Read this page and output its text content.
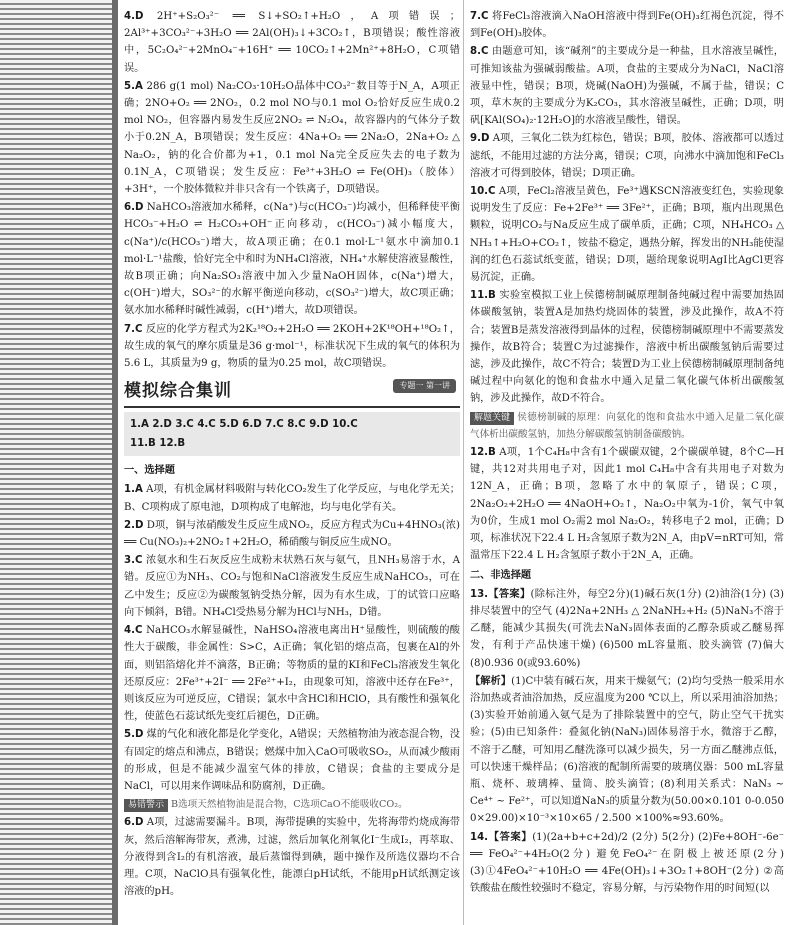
4.D 2H⁺+S₂O₃²⁻ ══ S↓+SO₂↑+H₂O，A项错误；2Al³⁺+3CO₃²⁻+3H₂O ══ 2Al(OH)₃↓+3CO₂↑，B项错误；酸性溶液中，5C₂O₄²⁻+2MnO₄⁻+16H⁺ ══ 10CO₂↑+2Mn²⁺+8H₂O，C项错误。

5.A 286 g(1 mol) Na₂CO₃·10H₂O晶体中CO₃²⁻数目等于N_A，A项正确；2NO+O₂ ══ 2NO₂，0.2 mol NO与0.1 mol O₂恰好反应生成0.2 mol NO₂，但容器内易发生反应2NO₂ ⇌ N₂O₄，故容器内的气体分子数小于0.2N_A，B项错误；发生反应：4Na+O₂ ══ 2Na₂O，2Na+O₂ △ Na₂O₂，钠的化合价都为+1，0.1 mol Na完全反应失去的电子数为0.1N_A，C项错误；发生反应：Fe³⁺+3H₂O ⇌ Fe(OH)₃（胶体）+3H⁺，一个胶体微粒并非只含有一个铁离子，D项错误。

6.D NaHCO₃溶液加水稀释，c(Na⁺)与c(HCO₃⁻)均减小，但稀释使平衡HCO₃⁻+H₂O ⇌ H₂CO₃+OH⁻正向移动，c(HCO₃⁻)减小幅度大，c(Na⁺)/c(HCO₃⁻)增大，故A项正确；在0.1 mol·L⁻¹氨水中滴加0.1 mol·L⁻¹盐酸，恰好完全中和时为NH₄Cl溶液，NH₄⁺水解使溶液显酸性，故B项正确；向Na₂SO₃溶液中加入少量NaOH固体，c(Na⁺)增大，c(OH⁻)增大，SO₃²⁻的水解平衡逆向移动，c(SO₃²⁻)增大，故C项正确；氨水加水稀释时碱性减弱，c(H⁺)增大，故D项错误。

7.C 反应的化学方程式为2K₂¹⁸O₂+2H₂O ══ 2KOH+2K¹⁸OH+¹⁸O₂↑，故生成的氧气的摩尔质量是36 g·mol⁻¹，标准状况下生成的氧气的体积为5.6 L，其质量为9 g，物质的量为0.25 mol，故C项错误。

模拟综合集训	专题一 第一讲
1.A 2.D 3.C 4.C 5.D 6.D 7.C 8.C 9.D 10.C
11.B 12.B
一、选择题

1.A A项，有机金属材料吸附与转化CO₂发生了化学反应，与电化学无关；B、C项构成了原电池，D项构成了电解池，均与电化学有关。

2.D D项，铜与浓硝酸发生反应生成NO₂，反应方程式为Cu+4HNO₃(浓) ══ Cu(NO₃)₂+2NO₂↑+2H₂O，稀硝酸与铜反应生成NO。

3.C 浓氨水和生石灰反应生成粉末状熟石灰与氨气，且NH₃易溶于水，A错。反应①为NH₃、CO₂与饱和NaCl溶液发生反应生成NaHCO₃，可在乙中发生；反应②为碳酸氢钠受热分解，因为有水生成，丁的试管口应略向下倾斜，B错。NH₄Cl受热易分解为HCl与NH₃，D错。

4.C NaHCO₃水解显碱性，NaHSO₄溶液电离出H⁺显酸性，则硫酸的酸性大于碳酸，非金属性：S>C，A正确；氧化铝的熔点高，包裹在Al的外面，则铝箔熔化并不滴落，B正确；等物质的量的KI和FeCl₃溶液发生氧化还原反应：2Fe³⁺+2I⁻ ══ 2Fe²⁺+I₂，由现象可知，溶液中还存在Fe³⁺，则该反应为可逆反应，C错误；氯水中含HCl和HClO，具有酸性和强氧化性，使蓝色石蕊试纸先变红后褪色，D正确。

5.D 煤的气化和液化都是化学变化，A错误；天然植物油为液态混合物，没有固定的熔点和沸点，B错误；燃煤中加入CaO可吸收SO₂，从而减少酸雨的形成，但是不能减少温室气体的排放，C错误；食盐的主要成分是NaCl，可以用来作调味品和防腐剂，D正确。

易错警示 B选项天然植物油是混合物，C选项CaO不能吸收CO₂。

6.D A项，过滤需要漏斗。B项，海带提碘的实验中，先将海带灼烧成海带灰，然后溶解海带灰，煮沸，过滤，然后加氧化剂氧化I⁻生成I₂，再萃取、分液得到含I₂的有机溶液，最后蒸馏得到碘，题中操作及所选仪器均不合理。C项，NaClO具有强氧化性，能漂白pH试纸，不能用pH试纸测定该溶液的pH。

7.C 将FeCl₃溶液滴入NaOH溶液中得到Fe(OH)₃红褐色沉淀，得不到Fe(OH)₃胶体。

8.C 由题意可知，该“碱剂”的主要成分是一种盐，且水溶液呈碱性，可推知该盐为强碱弱酸盐。A项，食盐的主要成分为NaCl，NaCl溶液显中性，错误；B项，烧碱(NaOH)为强碱，不属于盐，错误；C项，草木灰的主要成分为K₂CO₃，其水溶液呈碱性，正确；D项，明矾[KAl(SO₄)₂·12H₂O]的水溶液呈酸性，错误。

9.D A项，三氧化二铁为红棕色，错误；B项，胶体、溶液都可以透过滤纸，不能用过滤的方法分离，错误；C项，向沸水中滴加饱和FeCl₃溶液才可得到胶体，错误；D项正确。

10.C A项，FeCl₂溶液呈黄色，Fe³⁺遇KSCN溶液变红色，实验现象说明发生了反应：Fe+2Fe³⁺ ══ 3Fe²⁺，正确；B项，瓶内出现黑色颗粒，说明CO₂与Na反应生成了碳单质，正确；C项，NH₄HCO₃ △ NH₃↑+H₂O+CO₂↑，铵盐不稳定，遇热分解，挥发出的NH₃能使湿润的红色石蕊试纸变蓝，错误；D项，题给现象说明AgI比AgCl更容易沉淀，正确。

11.B 实验室模拟工业上侯德榜制碱原理制备纯碱过程中需要加热固体碳酸氢钠，装置A是加热灼烧固体的装置，涉及此操作，故A不符合；装置B是蒸发溶液得到晶体的过程，侯德榜制碱原理中不需要蒸发操作，故B符合；装置C为过滤操作，溶液中析出碳酸氢钠后需要过滤，涉及此操作，故C不符合；装置D为工业上侯德榜制碱原理制备纯碱过程中向氨化的饱和食盐水中通入足量二氧化碳气体析出碳酸氢钠，涉及此操作，故D不符合。

解题关键 侯德榜制碱的原理：向氨化的饱和食盐水中通入足量二氧化碳气体析出碳酸氢钠，加热分解碳酸氢钠制备碳酸钠。

12.B A项，1个C₄H₈中含有1个碳碳双键，2个碳碳单键，8个C—H键，共12对共用电子对，因此1 mol C₄H₈中含有共用电子对数为12N_A，正确；B项，忽略了水中的氧原子，错误；C项，2Na₂O₂+2H₂O ══ 4NaOH+O₂↑，Na₂O₂中氧为-1价，氧气中氧为0价，生成1 mol O₂需2 mol Na₂O₂，转移电子2 mol，正确；D项，标准状况下22.4 L H₂含氢原子数为2N_A，由pV=nRT可知，常温常压下22.4 L H₂含氢原子数小于2N_A，正确。

二、非选择题

13.【答案】(除标注外，每空2分)(1)碱石灰(1分) (2)油浴(1分) (3)排尽装置中的空气 (4)2Na+2NH₃ △ 2NaNH₂+H₂ (5)NaN₃不溶于乙醚，能减少其损失(可洗去NaN₃固体表面的乙醇杂质或乙醚易挥发，有利于产品快速干燥) (6)500 mL容量瓶、胶头滴管 (7)偏大 (8)0.936 0(或93.60%)

【解析】(1)C中装有碱石灰，用来干燥氨气；(2)均匀受热一般采用水浴加热或者油浴加热，反应温度为200 ℃以上，所以采用油浴加热；(3)实验开始前通入氨气是为了排除装置中的空气，防止空气干扰实验；(5)由已知条件：叠氮化钠(NaN₃)固体易溶于水，微溶于乙醇，不溶于乙醚，可知用乙醚洗涤可以减少损失，另一方面乙醚沸点低，可以快速干燥样品；(6)溶液的配制所需要的玻璃仪器：500 mL容量瓶、烧杯、玻璃棒、量筒、胶头滴管；(8)利用关系式：NaN₃ ~ Ce⁴⁺ ~ Fe²⁺，可以知道NaN₃的质量分数为(50.00×0.101 0-0.050 0×29.00)×10⁻³×10×65 / 2.500 ×100%≈93.60%。

14.【答案】(1)(2a+b+c+2d)/2 (2分) 5(2分) (2)Fe+8OH⁻-6e⁻ ══ FeO₄²⁻+4H₂O(2分) 避免FeO₄²⁻在阴极上被还原(2分) (3)①4FeO₄²⁻+10H₂O ══ 4Fe(OH)₃↓+3O₂↑+8OH⁻(2分) ②高铁酸盐在酸性较强时不稳定，容易分解，与污染物作用的时间短(以
